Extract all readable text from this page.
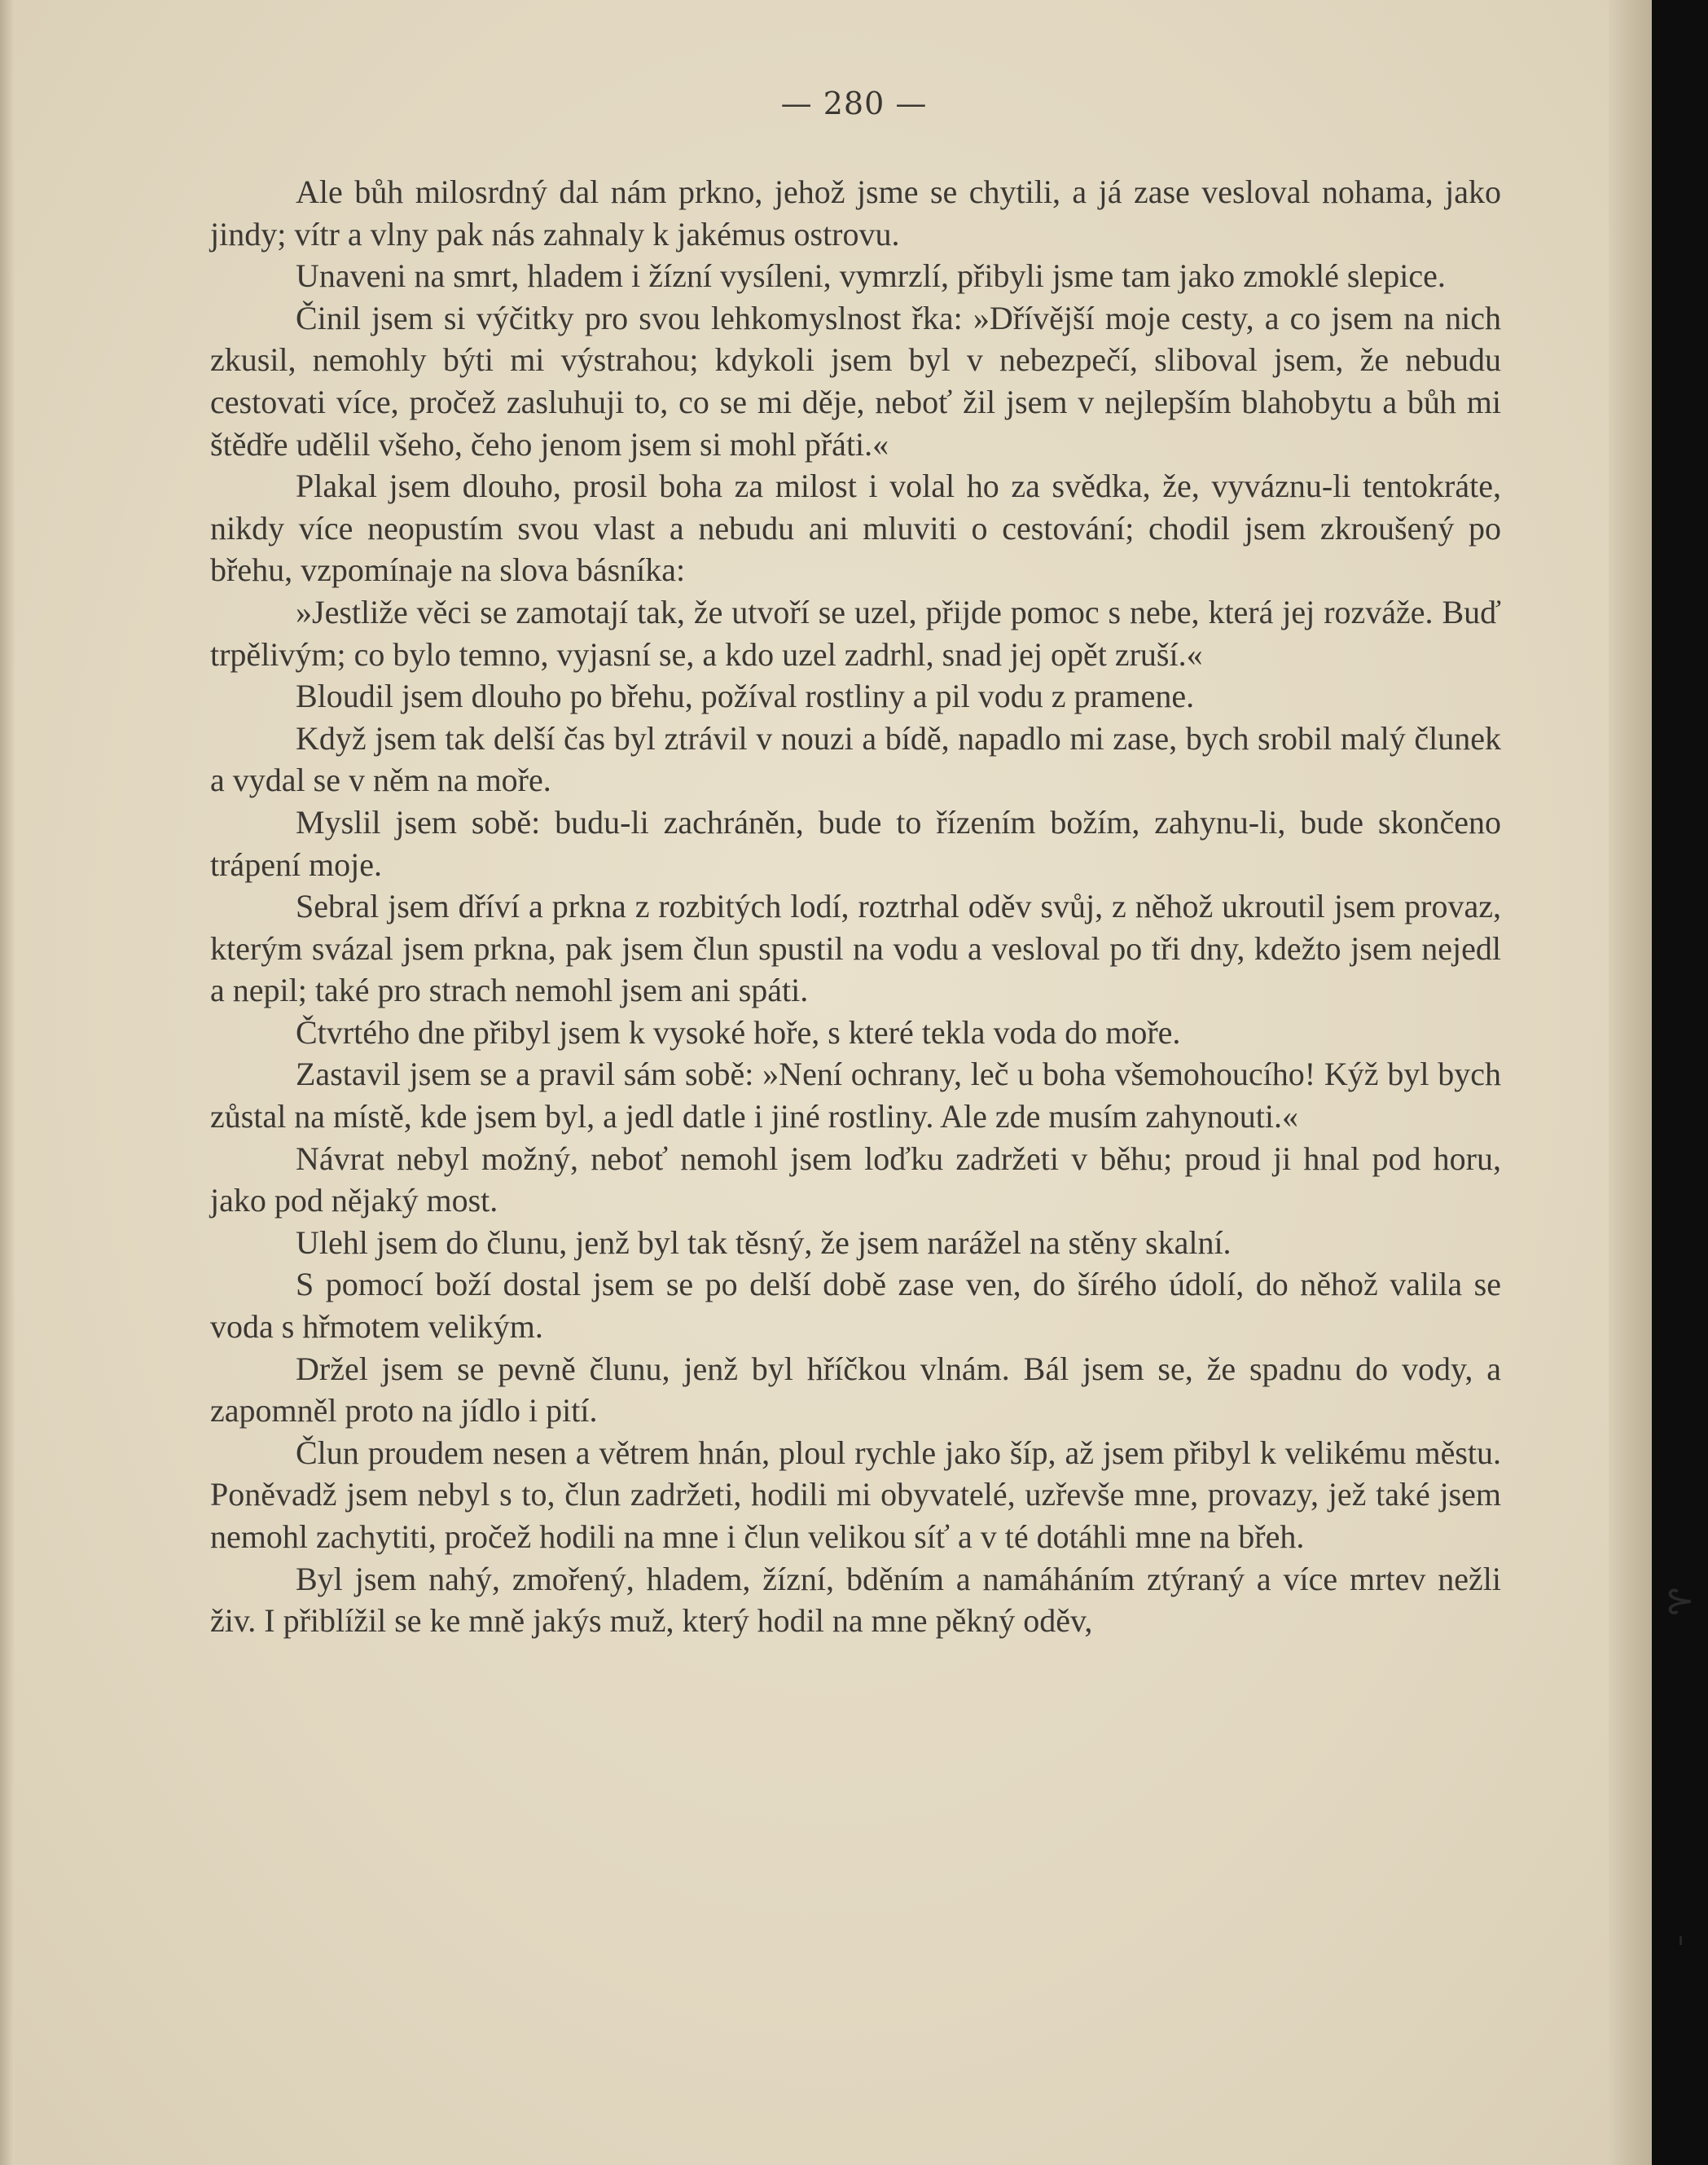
— 280 —

Ale bůh milosrdný dal nám prkno, jehož jsme se chytili, a já zase vesloval nohama, jako jindy; vítr a vlny pak nás zahnaly k jakémus ostrovu.

Unaveni na smrt, hladem i žízní vysíleni, vymrzlí, přibyli jsme tam jako zmoklé slepice.

Činil jsem si výčitky pro svou lehkomyslnost řka: »Dřívější moje cesty, a co jsem na nich zkusil, nemohly býti mi výstrahou; kdykoli jsem byl v nebezpečí, sliboval jsem, že nebudu cestovati více, pročež zasluhuji to, co se mi děje, neboť žil jsem v nejlepším blahobytu a bůh mi štědře udělil všeho, čeho jenom jsem si mohl přáti.«

Plakal jsem dlouho, prosil boha za milost i volal ho za svědka, že, vyváznu-li tentokráte, nikdy více neopustím svou vlast a nebudu ani mluviti o cestování; chodil jsem zkroušený po břehu, vzpomínaje na slova básníka:

»Jestliže věci se zamotají tak, že utvoří se uzel, přijde pomoc s nebe, která jej rozváže. Buď trpělivým; co bylo temno, vyjasní se, a kdo uzel zadrhl, snad jej opět zruší.«

Bloudil jsem dlouho po břehu, požíval rostliny a pil vodu z pramene.

Když jsem tak delší čas byl ztrávil v nouzi a bídě, napadlo mi zase, bych srobil malý člunek a vydal se v něm na moře.

Myslil jsem sobě: budu-li zachráněn, bude to řízením božím, zahynu-li, bude skončeno trápení moje.

Sebral jsem dříví a prkna z rozbitých lodí, roztrhal oděv svůj, z něhož ukroutil jsem provaz, kterým svázal jsem prkna, pak jsem člun spustil na vodu a vesloval po tři dny, kdežto jsem nejedl a nepil; také pro strach nemohl jsem ani spáti.

Čtvrtého dne přibyl jsem k vysoké hoře, s které tekla voda do moře.

Zastavil jsem se a pravil sám sobě: »Není ochrany, leč u boha všemohoucího! Kýž byl bych zůstal na místě, kde jsem byl, a jedl datle i jiné rostliny. Ale zde musím zahynouti.«

Návrat nebyl možný, neboť nemohl jsem loďku zadržeti v běhu; proud ji hnal pod horu, jako pod nějaký most.

Ulehl jsem do člunu, jenž byl tak těsný, že jsem narážel na stěny skalní.

S pomocí boží dostal jsem se po delší době zase ven, do šírého údolí, do něhož valila se voda s hřmotem velikým.

Držel jsem se pevně člunu, jenž byl hříčkou vlnám. Bál jsem se, že spadnu do vody, a zapomněl proto na jídlo i pití.

Člun proudem nesen a větrem hnán, ploul rychle jako šíp, až jsem přibyl k velikému městu. Poněvadž jsem nebyl s to, člun zadržeti, hodili mi obyvatelé, uzřevše mne, provazy, jež také jsem nemohl zachytiti, pročež hodili na mne i člun velikou síť a v té dotáhli mne na břeh.

Byl jsem nahý, zmořený, hladem, žízní, bděním a namáháním ztýraný a více mrtev nežli živ. I přiblížil se ke mně jakýs muž, který hodil na mne pěkný oděv,	⊱
ˌ
